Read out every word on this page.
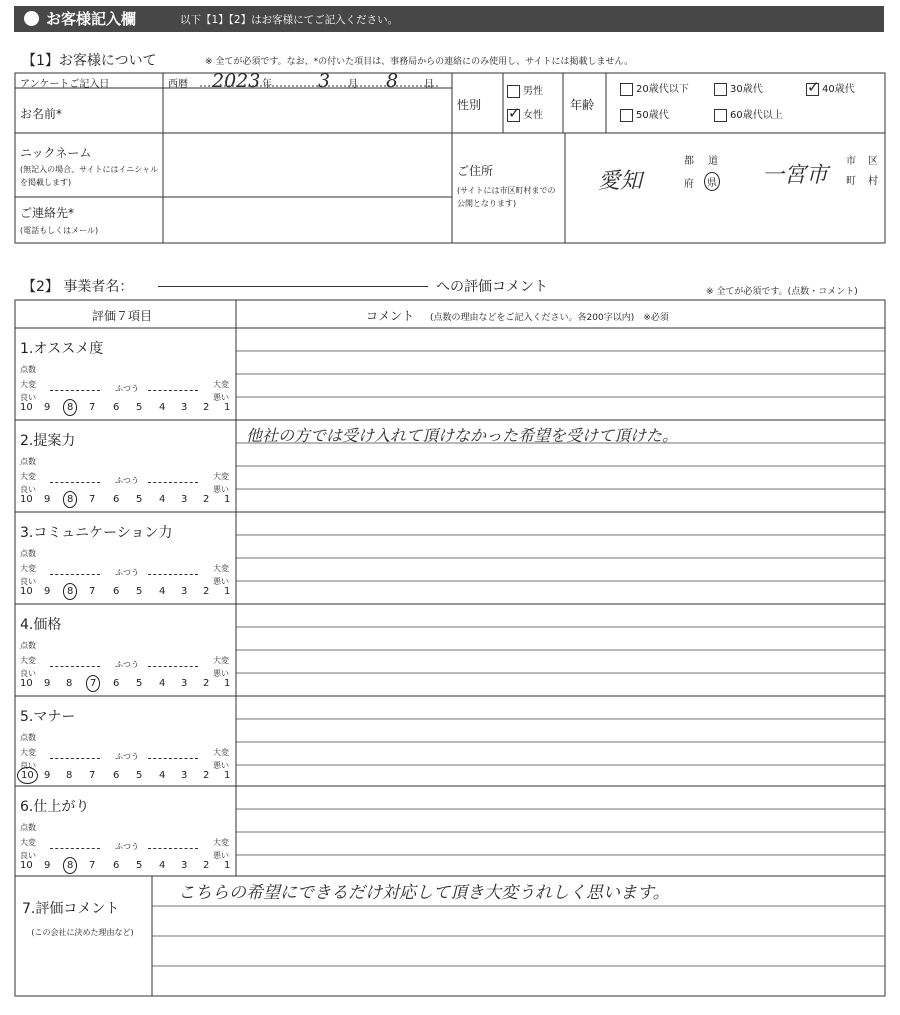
お客様記入欄	以下【1】【2】はお客様にてご記入ください。
【1】お客様について	※ 全てが必須です。なお、*の付いた項目は、事務局からの連絡にのみ使用し、サイトには掲載しません。
アンケートご記入日	西暦 2023 年 3 月 8	日
お名前*
ニックネーム
(無記入の場合、サイトにはイニシャルを掲載します)
ご連絡先*
(電話もしくはメール)
性別
男性
✓女性
年齢
20歳代以下	30歳代
✓	40歳代
50歳代	60歳代以上
ご住所
(サイトには市区町村までの公開となります)
愛知
都 道
府	県 一宮市
市 区
町 村
【2】 事業者名：	への評価コメント	※ 全てが必須です。(点数・コメント)
評価７項目	コメント (点数の理由などをご記入ください。各200字以内)　※必須
1.オススメ度
点数
大変良い
ふつう	大変悪い
10 9	8	7 6 5 4 3 2 1
2.提案力
点数
大変良い
ふつう	大変悪い
10 9	8	7 6 5 4 3 2 1
他社の方では受け入れて頂けなかった希望を受けて頂けた。
3.コミュニケーション力
点数
大変良い
ふつう	大変悪い
10 9	8	7 6 5 4 3 2 1
4.価格
点数
大変良い
ふつう	大変悪い
10 9 8	7	6 5 4 3 2 1
5.マナー
点数
大変良い
ふつう	大変悪い
10	9 8 7 6 5 4 3 2 1
6.仕上がり
点数
大変良い
ふつう	大変悪い
10 9	8	7 6 5 4 3 2 1
7.評価コメント
(この会社に決めた理由など)
こちらの希望にできるだけ対応して頂き大変うれしく思います。
